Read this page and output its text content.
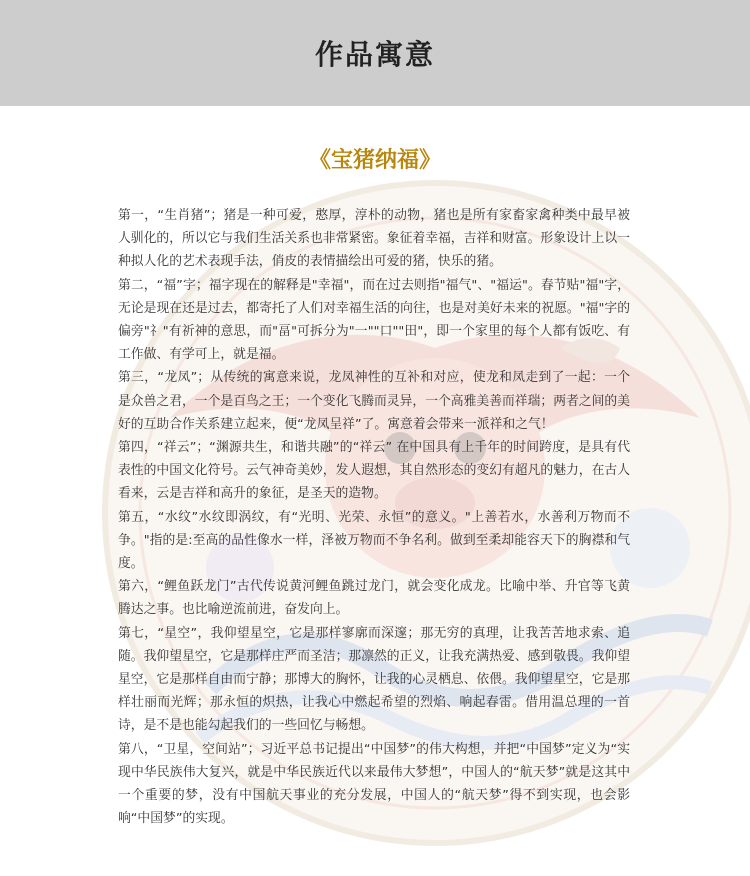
作品寓意
《宝猪纳福》

第一，“生肖猪”；猪是一种可爱，憨厚，淳朴的动物，猪也是所有家畜家禽种类中最早被人驯化的，所以它与我们生活关系也非常紧密。象征着幸福，吉祥和财富。形象设计上以一种拟人化的艺术表现手法，俏皮的表情描绘出可爱的猪，快乐的猪。

第二，“福”字；福字现在的解释是"幸福"，而在过去则指"福气"、"福运"。春节贴"福"字，无论是现在还是过去，都寄托了人们对幸福生活的向往，也是对美好未来的祝愿。"福"字的偏旁"礻"有祈神的意思，而"畐"可拆分为"一""口""田"，即一个家里的每个人都有饭吃、有工作做、有学可上，就是福。

第三，“龙凤”；从传统的寓意来说，龙凤神性的互补和对应，使龙和凤走到了一起：一个是众兽之君，一个是百鸟之王；一个变化飞腾而灵异，一个高雅美善而祥瑞；两者之间的美好的互助合作关系建立起来，便“龙凤呈祥”了。寓意着会带来一派祥和之气！

第四，“祥云”；“渊源共生，和谐共融”的“祥云” 在中国具有上千年的时间跨度，是具有代表性的中国文化符号。云气神奇美妙，发人遐想，其自然形态的变幻有超凡的魅力，在古人看来，云是吉祥和高升的象征，是圣天的造物。

第五，“水纹”水纹即涡纹，有“光明、光荣、永恒”的意义。"上善若水，水善利万物而不争。"指的是:至高的品性像水一样，泽被万物而不争名利。做到至柔却能容天下的胸襟和气度。

第六，“鲤鱼跃龙门”古代传说黄河鲤鱼跳过龙门，就会变化成龙。比喻中举、升官等飞黄腾达之事。也比喻逆流前进，奋发向上。

第七，“星空”，我仰望星空，它是那样寥廓而深邃；那无穷的真理，让我苦苦地求索、追随。我仰望星空，它是那样庄严而圣洁；那凛然的正义，让我充满热爱、感到敬畏。我仰望星空，它是那样自由而宁静；那博大的胸怀，让我的心灵栖息、依偎。我仰望星空，它是那样壮丽而光辉；那永恒的炽热，让我心中燃起希望的烈焰、响起春雷。借用温总理的一首诗，是不是也能勾起我们的一些回忆与畅想。

第八，“卫星，空间站”；习近平总书记提出“中国梦”的伟大构想，并把“中国梦”定义为“实现中华民族伟大复兴，就是中华民族近代以来最伟大梦想”，中国人的“航天梦”就是这其中一个重要的梦，没有中国航天事业的充分发展，中国人的“航天梦”得不到实现，也会影响“中国梦”的实现。
